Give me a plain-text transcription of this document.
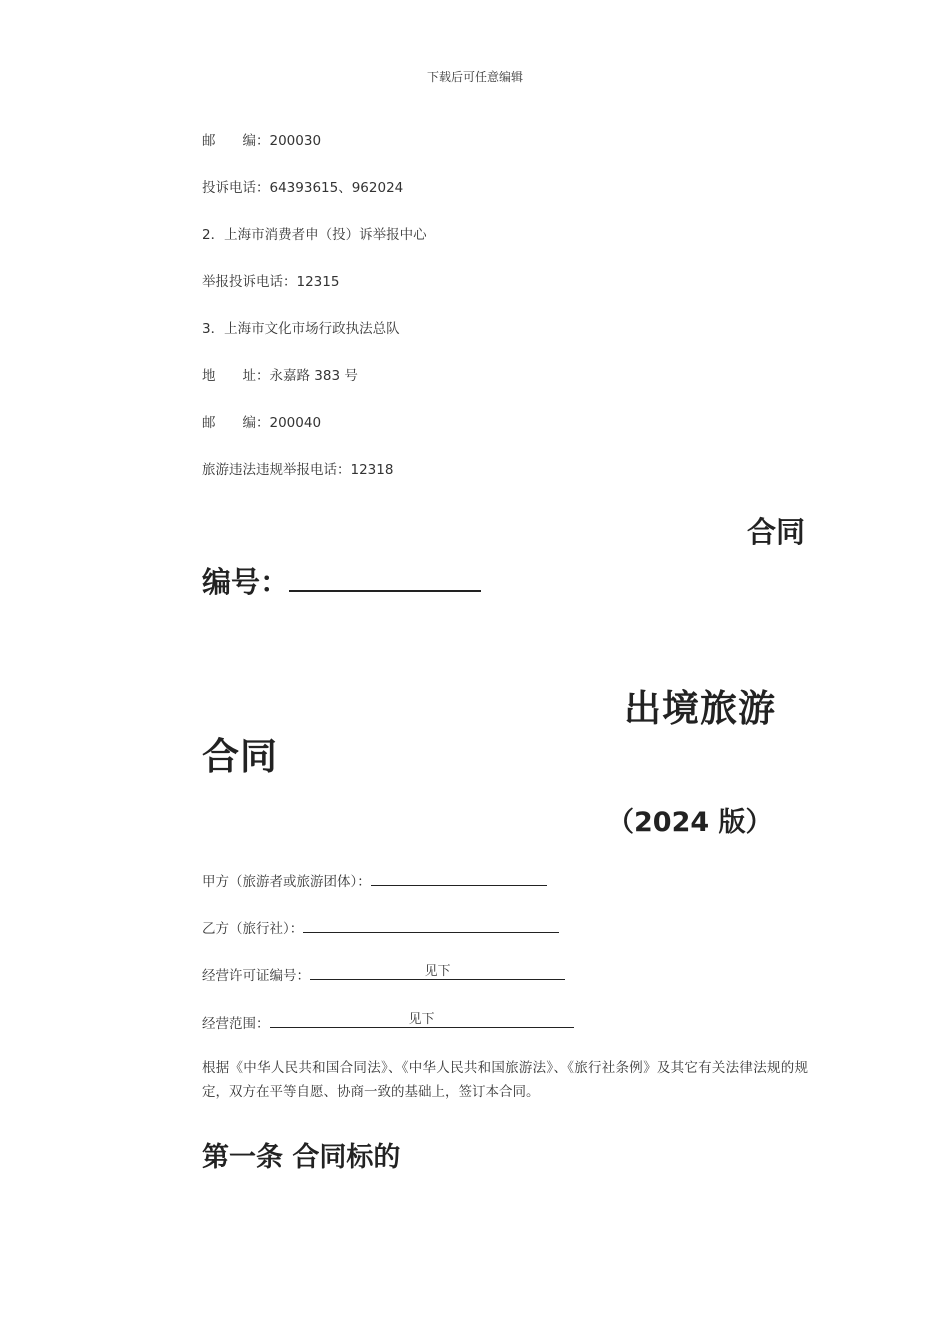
下载后可任意编辑
邮　　编：200030
投诉电话：64393615、962024
2．上海市消费者申（投）诉举报中心
举报投诉电话：12315
3．上海市文化市场行政执法总队
地　　址：永嘉路 383 号
邮　　编：200040
旅游违法违规举报电话：12318
合同
编号：
出境旅游
合同
（2024 版）
甲方（旅游者或旅游团体）：
乙方（旅行社）：
经营许可证编号：	见下
经营范围：	见下
根据《中华人民共和国合同法》、《中华人民共和国旅游法》、《旅行社条例》及其它有关法律法规的规定，双方在平等自愿、协商一致的基础上，签订本合同。
第一条 合同标的
